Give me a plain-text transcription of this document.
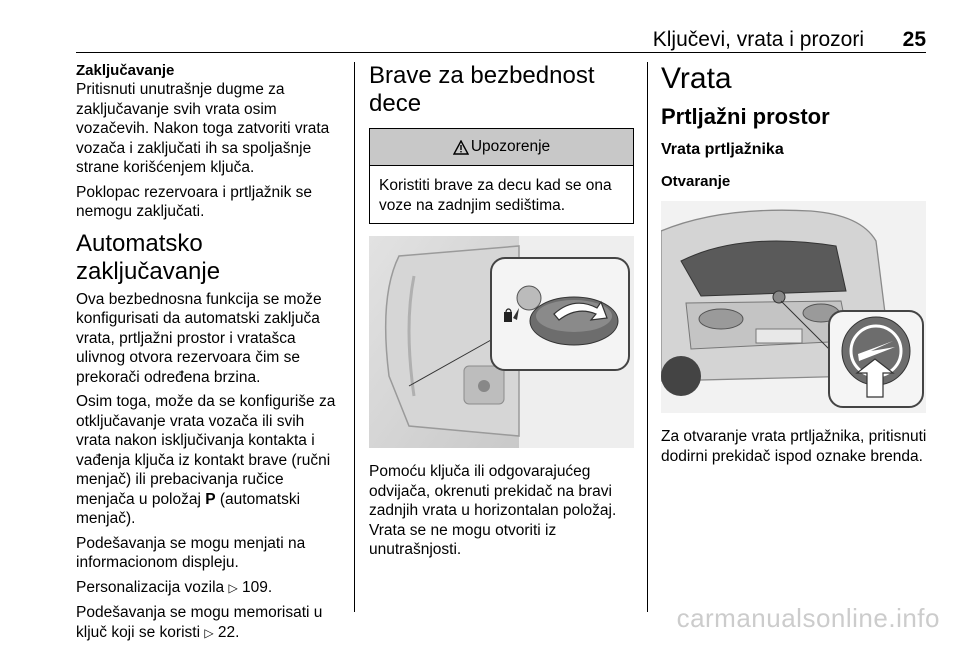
Ključevi, vrata i prozori 25
Zaključavanje

Pritisnuti unutrašnje dugme za zaključavanje svih vrata osim vozačevih. Nakon toga zatvoriti vrata vozača i zaključati ih sa spoljašnje strane korišćenjem ključa.

Poklopac rezervoara i prtljažnik se nemogu zaključati.

Automatsko zaključavanje

Ova bezbednosna funkcija se može konfigurisati da automatski zaključa vrata, prtljažni prostor i vratašca ulivnog otvora rezervoara čim se prekorači određena brzina.

Osim toga, može da se konfiguriše za otključavanje vrata vozača ili svih vrata nakon isključivanja kontakta i vađenja ključa iz kontakt brave (ručni menjač) ili prebacivanja ručice menjača u položaj P (automatski menjač).

Podešavanja se mogu menjati na informacionom displeju.

Personalizacija vozila ▷ 109.

Podešavanja se mogu memorisati u ključ koji se koristi ▷ 22.

Brave za bezbednost dece
Upozorenje
Koristiti brave za decu kad se ona voze na zadnjim sedištima.

Pomoću ključa ili odgovarajućeg odvijača, okrenuti prekidač na bravi zadnjih vrata u horizontalan položaj. Vrata se ne mogu otvoriti iz unutrašnjosti.

Vrata
Prtljažni prostor
Vrata prtljažnika
Otvaranje

Za otvaranje vrata prtljažnika, pritisnuti dodirni prekidač ispod oznake brenda.

carmanualsonline.info
